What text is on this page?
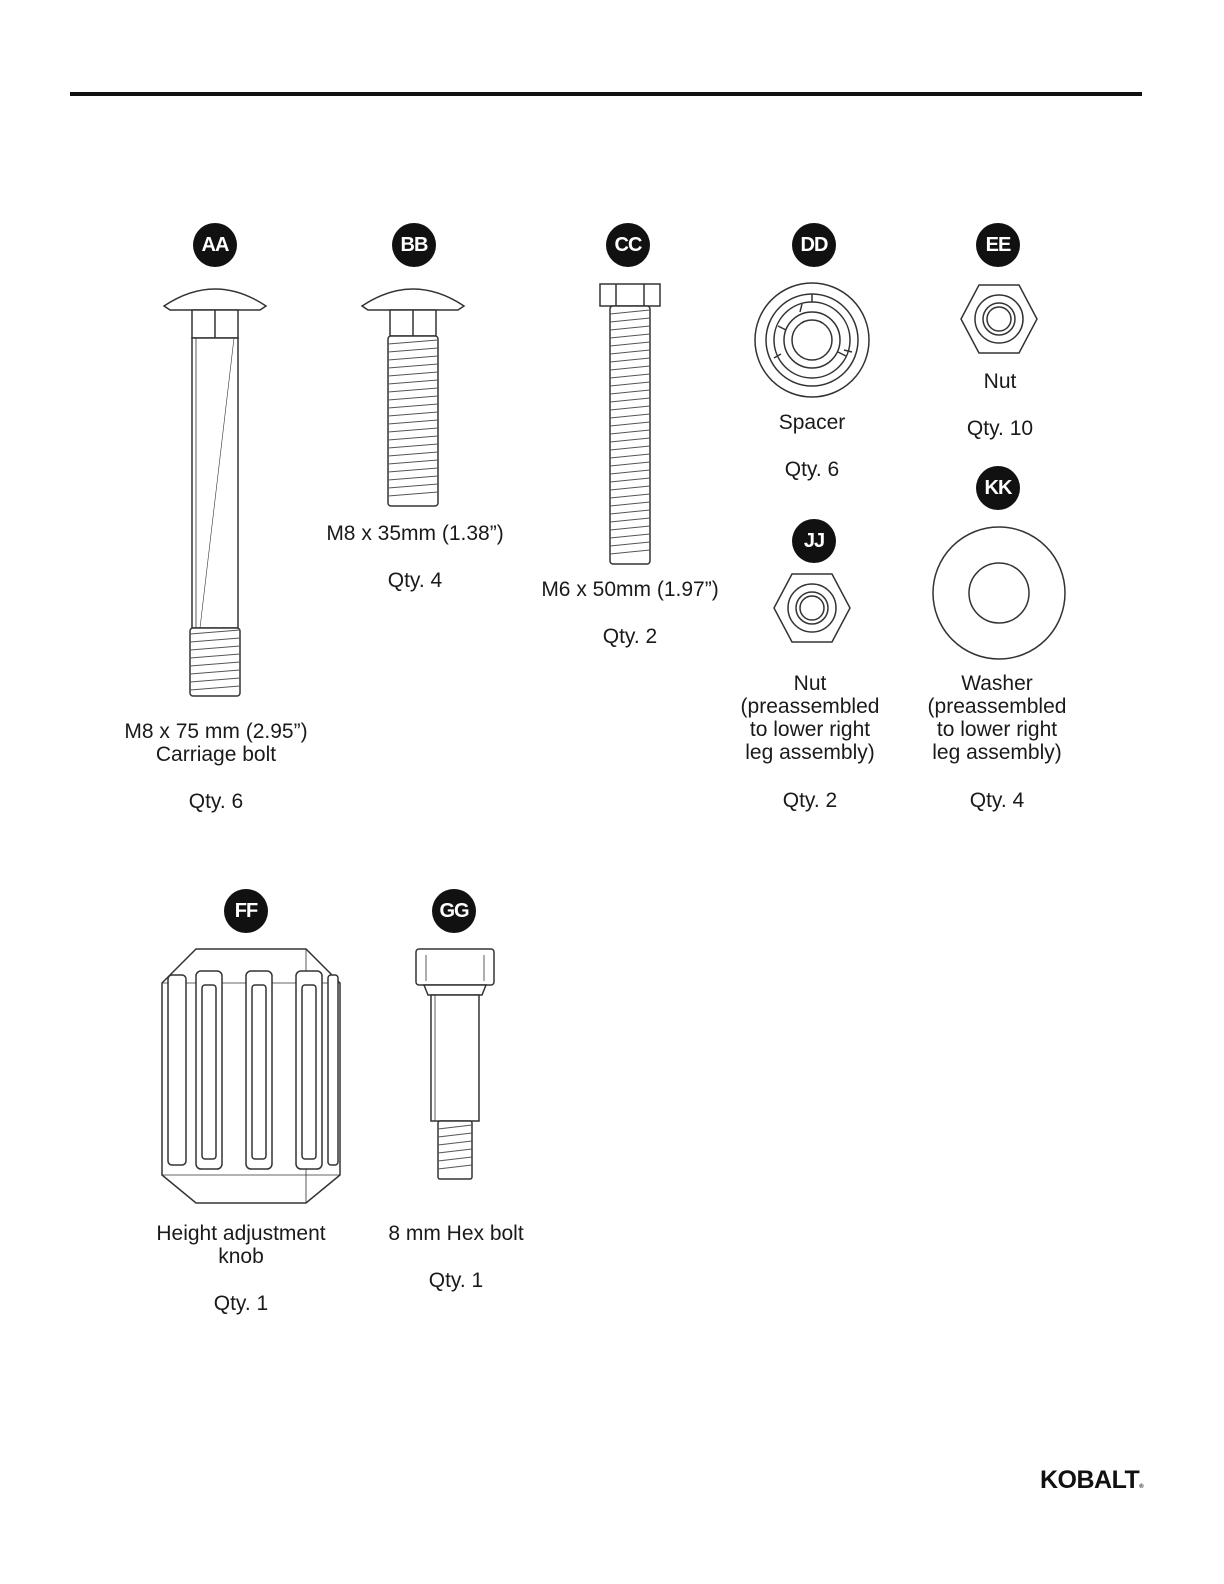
AA
M8 x 75 mm (2.95”)
Carriage bolt
Qty. 6
BB
M8 x 35mm (1.38”)
Qty. 4
CC
M6 x 50mm (1.97”)
Qty. 2
DD
Spacer
Qty. 6
EE
Nut
Qty. 10
JJ
Nut
(preassembled
to lower right
leg assembly)
Qty. 2
KK
Washer
(preassembled
to lower right
leg assembly)
Qty. 4
FF
Height adjustment
knob
Qty. 1
GG
8 mm Hex bolt
Qty. 1
KOBALT®
